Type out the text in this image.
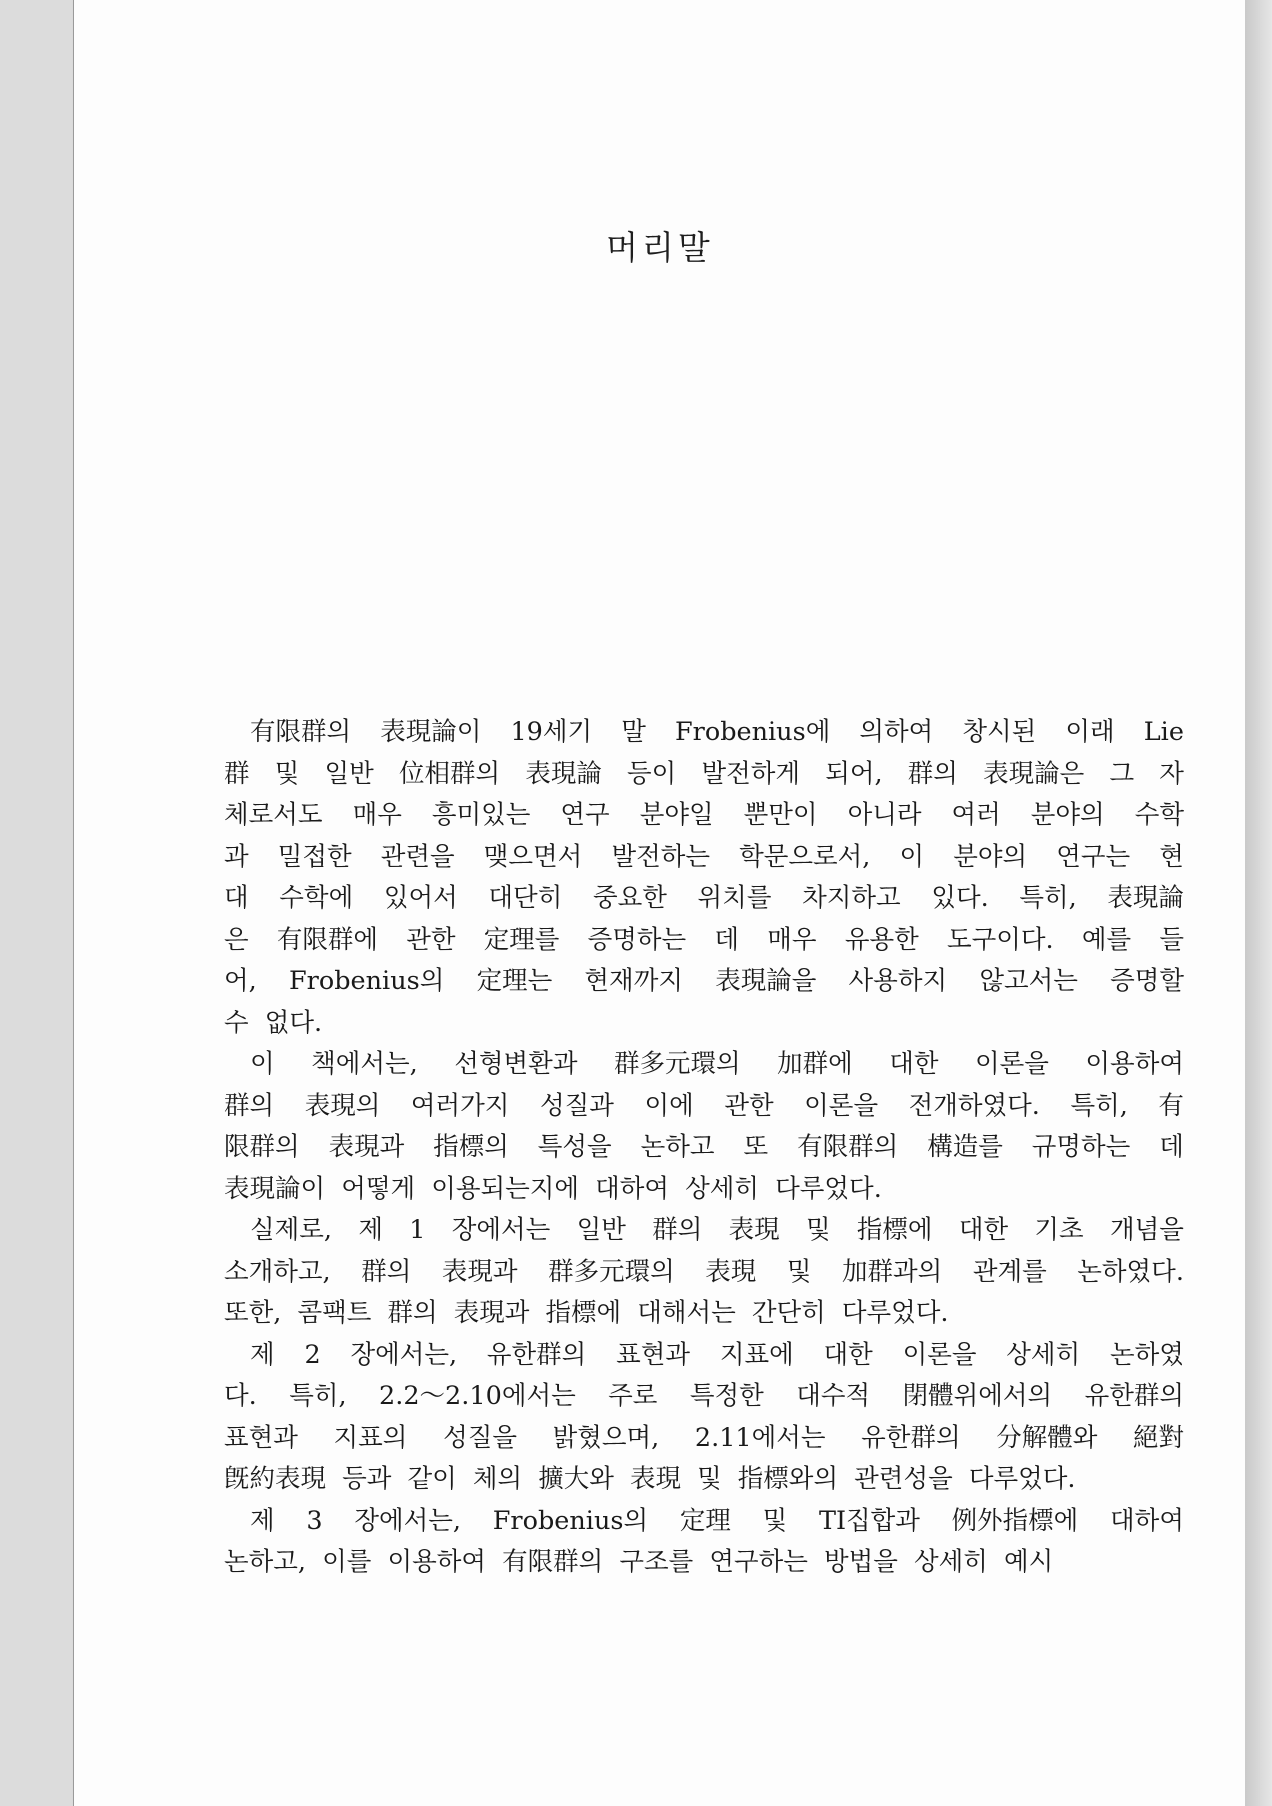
머리말
有限群의 表現論이 19세기 말 Frobenius에 의하여 창시된 이래 Lie
群 및 일반 位相群의 表現論 등이 발전하게 되어, 群의 表現論은 그 자
체로서도 매우 흥미있는 연구 분야일 뿐만이 아니라 여러 분야의 수학
과 밀접한 관련을 맺으면서 발전하는 학문으로서, 이 분야의 연구는 현
대 수학에 있어서 대단히 중요한 위치를 차지하고 있다. 특히, 表現論
은 有限群에 관한 定理를 증명하는 데 매우 유용한 도구이다. 예를 들
어, Frobenius의 定理는 현재까지 表現論을 사용하지 않고서는 증명할
수 없다.
이 책에서는, 선형변환과 群多元環의 加群에 대한 이론을 이용하여
群의 表現의 여러가지 성질과 이에 관한 이론을 전개하였다. 특히, 有
限群의 表現과 指標의 특성을 논하고 또 有限群의 構造를 규명하는 데
表現論이 어떻게 이용되는지에 대하여 상세히 다루었다.
실제로, 제 1 장에서는 일반 群의 表現 및 指標에 대한 기초 개념을
소개하고, 群의 表現과 群多元環의 表現 및 加群과의 관계를 논하였다.
또한, 콤팩트 群의 表現과 指標에 대해서는 간단히 다루었다.
제 2 장에서는, 유한群의 표현과 지표에 대한 이론을 상세히 논하였
다. 특히, 2.2～2.10에서는 주로 특정한 대수적 閉體위에서의 유한群의
표현과 지표의 성질을 밝혔으며, 2.11에서는 유한群의 分解體와 絕對
旣約表現 등과 같이 체의 擴大와 表現 및 指標와의 관련성을 다루었다.
제 3 장에서는, Frobenius의 定理 및 TI집합과 例外指標에 대하여
논하고, 이를 이용하여 有限群의 구조를 연구하는 방법을 상세히 예시
